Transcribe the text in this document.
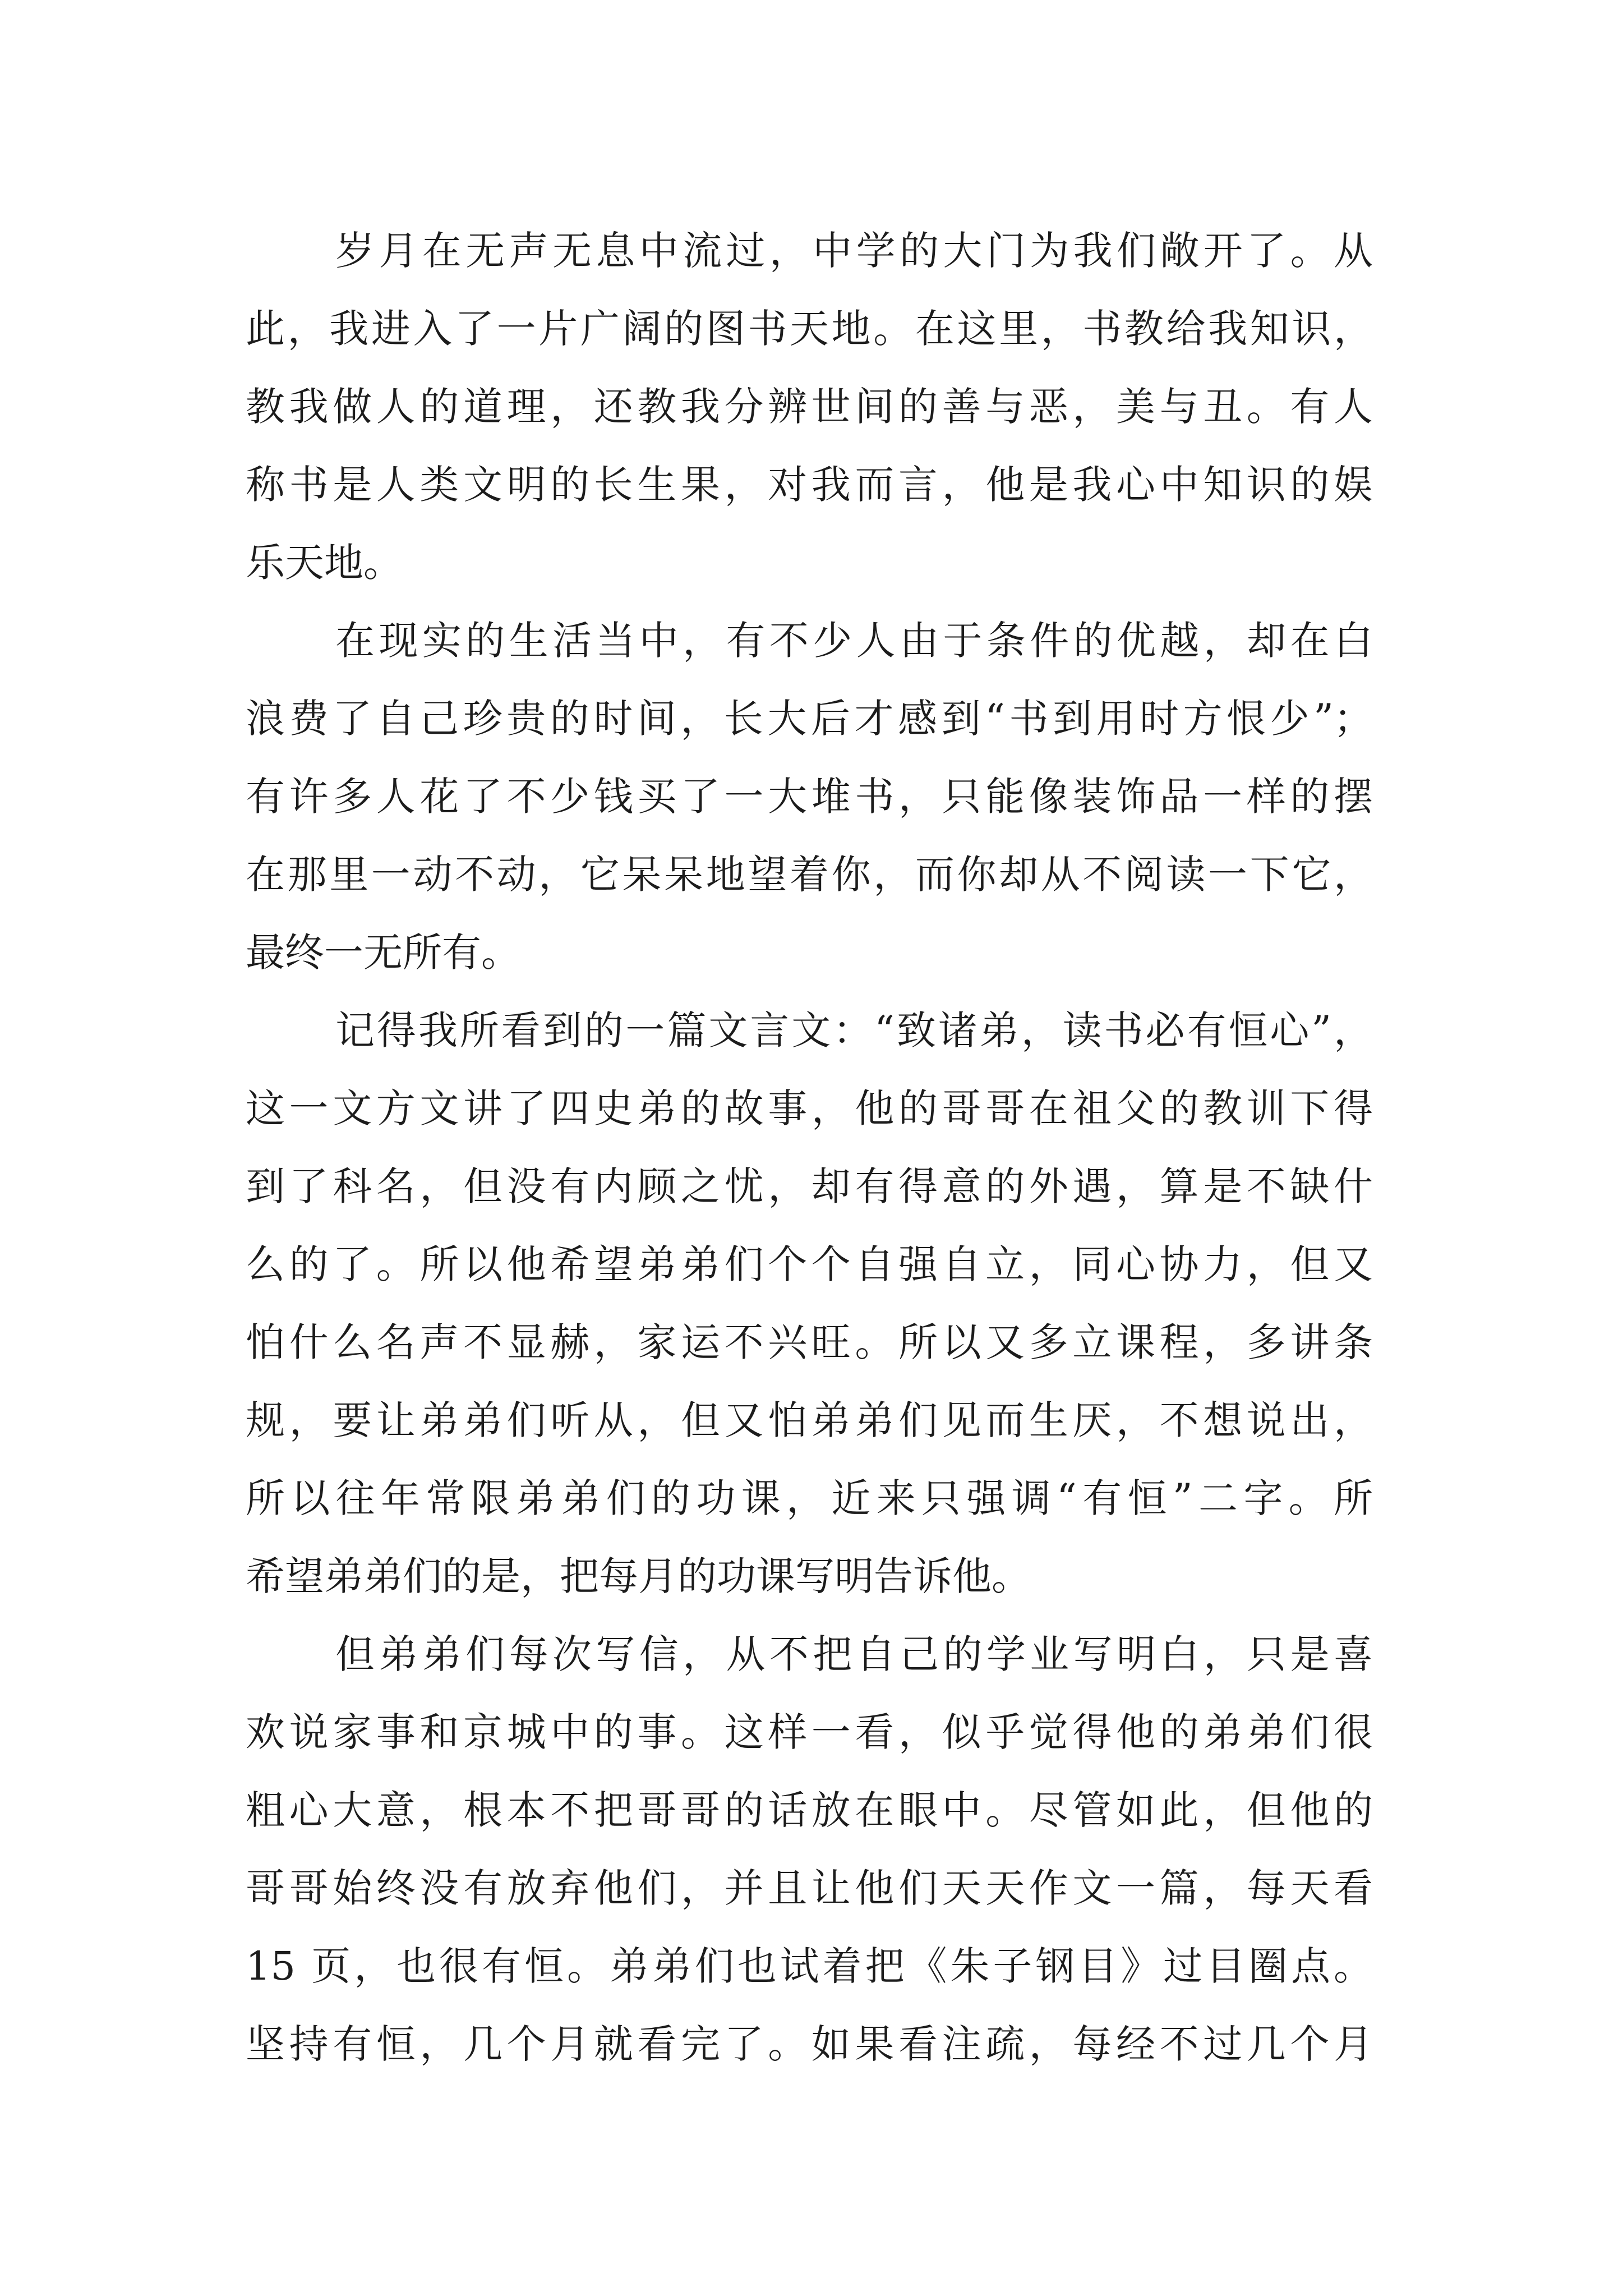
岁月在无声无息中流过，中学的大门为我们敞开了。从
此，我进入了一片广阔的图书天地。在这里，书教给我知识，
教我做人的道理，还教我分辨世间的善与恶，美与丑。有人
称书是人类文明的长生果，对我而言，他是我心中知识的娱
乐天地。
在现实的生活当中，有不少人由于条件的优越，却在白
浪费了自己珍贵的时间，长大后才感到“书到用时方恨少”；
有许多人花了不少钱买了一大堆书，只能像装饰品一样的摆
在那里一动不动，它呆呆地望着你，而你却从不阅读一下它，
最终一无所有。
记得我所看到的一篇文言文：“致诸弟，读书必有恒心”，
这一文方文讲了四史弟的故事，他的哥哥在祖父的教训下得
到了科名，但没有内顾之忧，却有得意的外遇，算是不缺什
么的了。所以他希望弟弟们个个自强自立，同心协力，但又
怕什么名声不显赫，家运不兴旺。所以又多立课程，多讲条
规，要让弟弟们听从，但又怕弟弟们见而生厌，不想说出，
所以往年常限弟弟们的功课，近来只强调“有恒”二字。所
希望弟弟们的是，把每月的功课写明告诉他。
但弟弟们每次写信，从不把自己的学业写明白，只是喜
欢说家事和京城中的事。这样一看，似乎觉得他的弟弟们很
粗心大意，根本不把哥哥的话放在眼中。尽管如此，但他的
哥哥始终没有放弃他们，并且让他们天天作文一篇，每天看
15 页，也很有恒。弟弟们也试着把《朱子钢目》过目圈点。
坚持有恒，几个月就看完了。如果看注疏，每经不过几个月
